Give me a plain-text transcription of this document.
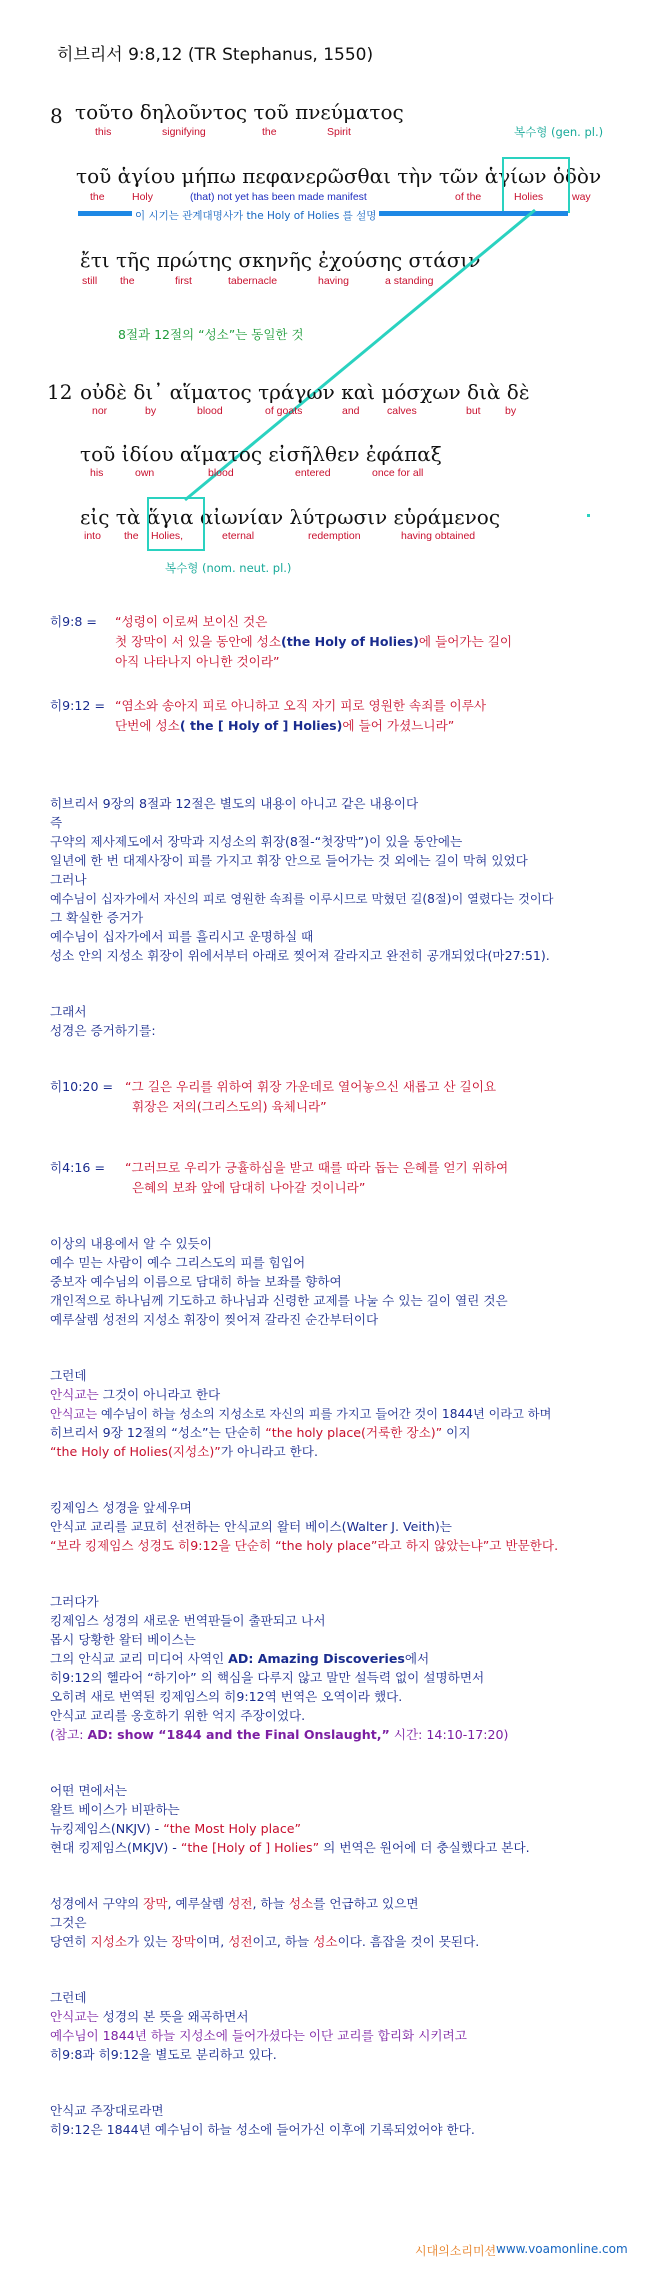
히브리서 9:8,12 (TR Stephanus, 1550)
8 τοῦτο δηλοῦντος τοῦ πνεύματος
this	signifying	the	Spirit	복수형 (gen. pl.)
τοῦ ἁγίου μήπω πεφανερῶσθαι τὴν τῶν ἁγίων ὁδὸν
the	Holy	(that) not yet has been made manifest	of the	Holies	way
이 시기는 관계대명사가 the Holy of Holies 를 설명
ἔτι τῆς πρώτης σκηνῆς ἐχούσης στάσιν
still the	first	tabernacle	having	a standing
8절과 12절의 “성소”는 동일한 것
12 οὐδὲ δι᾽ αἵματος τράγων καὶ μόσχων διὰ δὲ
nor	by	blood	of goats	and	calves	but by
τοῦ ἰδίου αἵματος εἰσῆλθεν ἐφάπαξ
his	own	blood	entered	once for all
εἰς τὰ ἅγια αἰωνίαν λύτρωσιν εὑράμενος
into the Holies,	eternal	redemption	having obtained
복수형 (nom. neut. pl.)
히9:8 = “성령이 이로써 보이신 것은
첫 장막이 서 있을 동안에 성소(the Holy of Holies)에 들어가는 길이
아직 나타나지 아니한 것이라”
히9:12 = “염소와 송아지 피로 아니하고 오직 자기 피로 영원한 속죄를 이루사
단번에 성소( the [ Holy of ] Holies)에 들어 가셨느니라”
히브리서 9장의 8절과 12절은 별도의 내용이 아니고 같은 내용이다
즉
구약의 제사제도에서 장막과 지성소의 휘장(8절-“첫장막”)이 있을 동안에는
일년에 한 번 대제사장이 피를 가지고 휘장 안으로 들어가는 것 외에는 길이 막혀 있었다
그러나
예수님이 십자가에서 자신의 피로 영원한 속죄를 이루시므로 막혔던 길(8절)이 열렸다는 것이다
그 확실한 증거가
예수님이 십자가에서 피를 흘리시고 운명하실 때
성소 안의 지성소 휘장이 위에서부터 아래로 찢어져 갈라지고 완전히 공개되었다(마27:51).
그래서
성경은 증거하기를:
히10:20 = “그 길은 우리를 위하여 휘장 가운데로 열어놓으신 새롭고 산 길이요
휘장은 저의(그리스도의) 육체니라”
히4:16 = “그러므로 우리가 긍휼하심을 받고 때를 따라 돕는 은혜를 얻기 위하여
은혜의 보좌 앞에 담대히 나아갈 것이니라”
이상의 내용에서 알 수 있듯이
예수 믿는 사람이 예수 그리스도의 피를 힘입어
중보자 예수님의 이름으로 담대히 하늘 보좌를 향하여
개인적으로 하나님께 기도하고 하나님과 신령한 교제를 나눌 수 있는 길이 열린 것은
예루살렘 성전의 지성소 휘장이 찢어져 갈라진 순간부터이다
그런데
안식교는 그것이 아니라고 한다
안식교는 예수님이 하늘 성소의 지성소로 자신의 피를 가지고 들어간 것이 1844년 이라고 하며
히브리서 9장 12절의 “성소”는 단순히 “the holy place(거룩한 장소)” 이지
“the Holy of Holies(지성소)”가 아니라고 한다.
킹제임스 성경을 앞세우며
안식교 교리를 교묘히 선전하는 안식교의 왈터 베이스(Walter J. Veith)는
“보라 킹제임스 성경도 히9:12을 단순히 “the holy place”라고 하지 않았는냐”고 반문한다.
그러다가
킹제임스 성경의 새로운 번역판들이 출판되고 나서
몹시 당황한 왈터 베이스는
그의 안식교 교리 미디어 사역인 AD: Amazing Discoveries에서
히9:12의 헬라어 “하기아” 의 핵심을 다루지 않고 말만 설득력 없이 설명하면서
오히려 새로 번역된 킹제임스의 히9:12역 번역은 오역이라 했다.
안식교 교리를 옹호하기 위한 억지 주장이었다.
(참고: AD: show “1844 and the Final Onslaught,” 시간: 14:10-17:20)
어떤 면에서는
왈트 베이스가 비판하는
뉴킹제임스(NKJV) - “the Most Holy place”
현대 킹제임스(MKJV) - “the [Holy of ] Holies” 의 번역은 원어에 더 충실했다고 본다.
성경에서 구약의 장막, 예루살렘 성전, 하늘 성소를 언급하고 있으면
그것은
당연히 지성소가 있는 장막이며, 성전이고, 하늘 성소이다. 흠잡을 것이 못된다.
그런데
안식교는 성경의 본 뜻을 왜곡하면서
예수님이 1844년 하늘 지성소에 들어가셨다는 이단 교리를 합리화 시키려고
히9:8과 히9:12을 별도로 분리하고 있다.
안식교 주장대로라면
히9:12은 1844년 예수님이 하늘 성소에 들어가신 이후에 기록되었어야 한다.
시대의소리미션 www.voamonline.com
